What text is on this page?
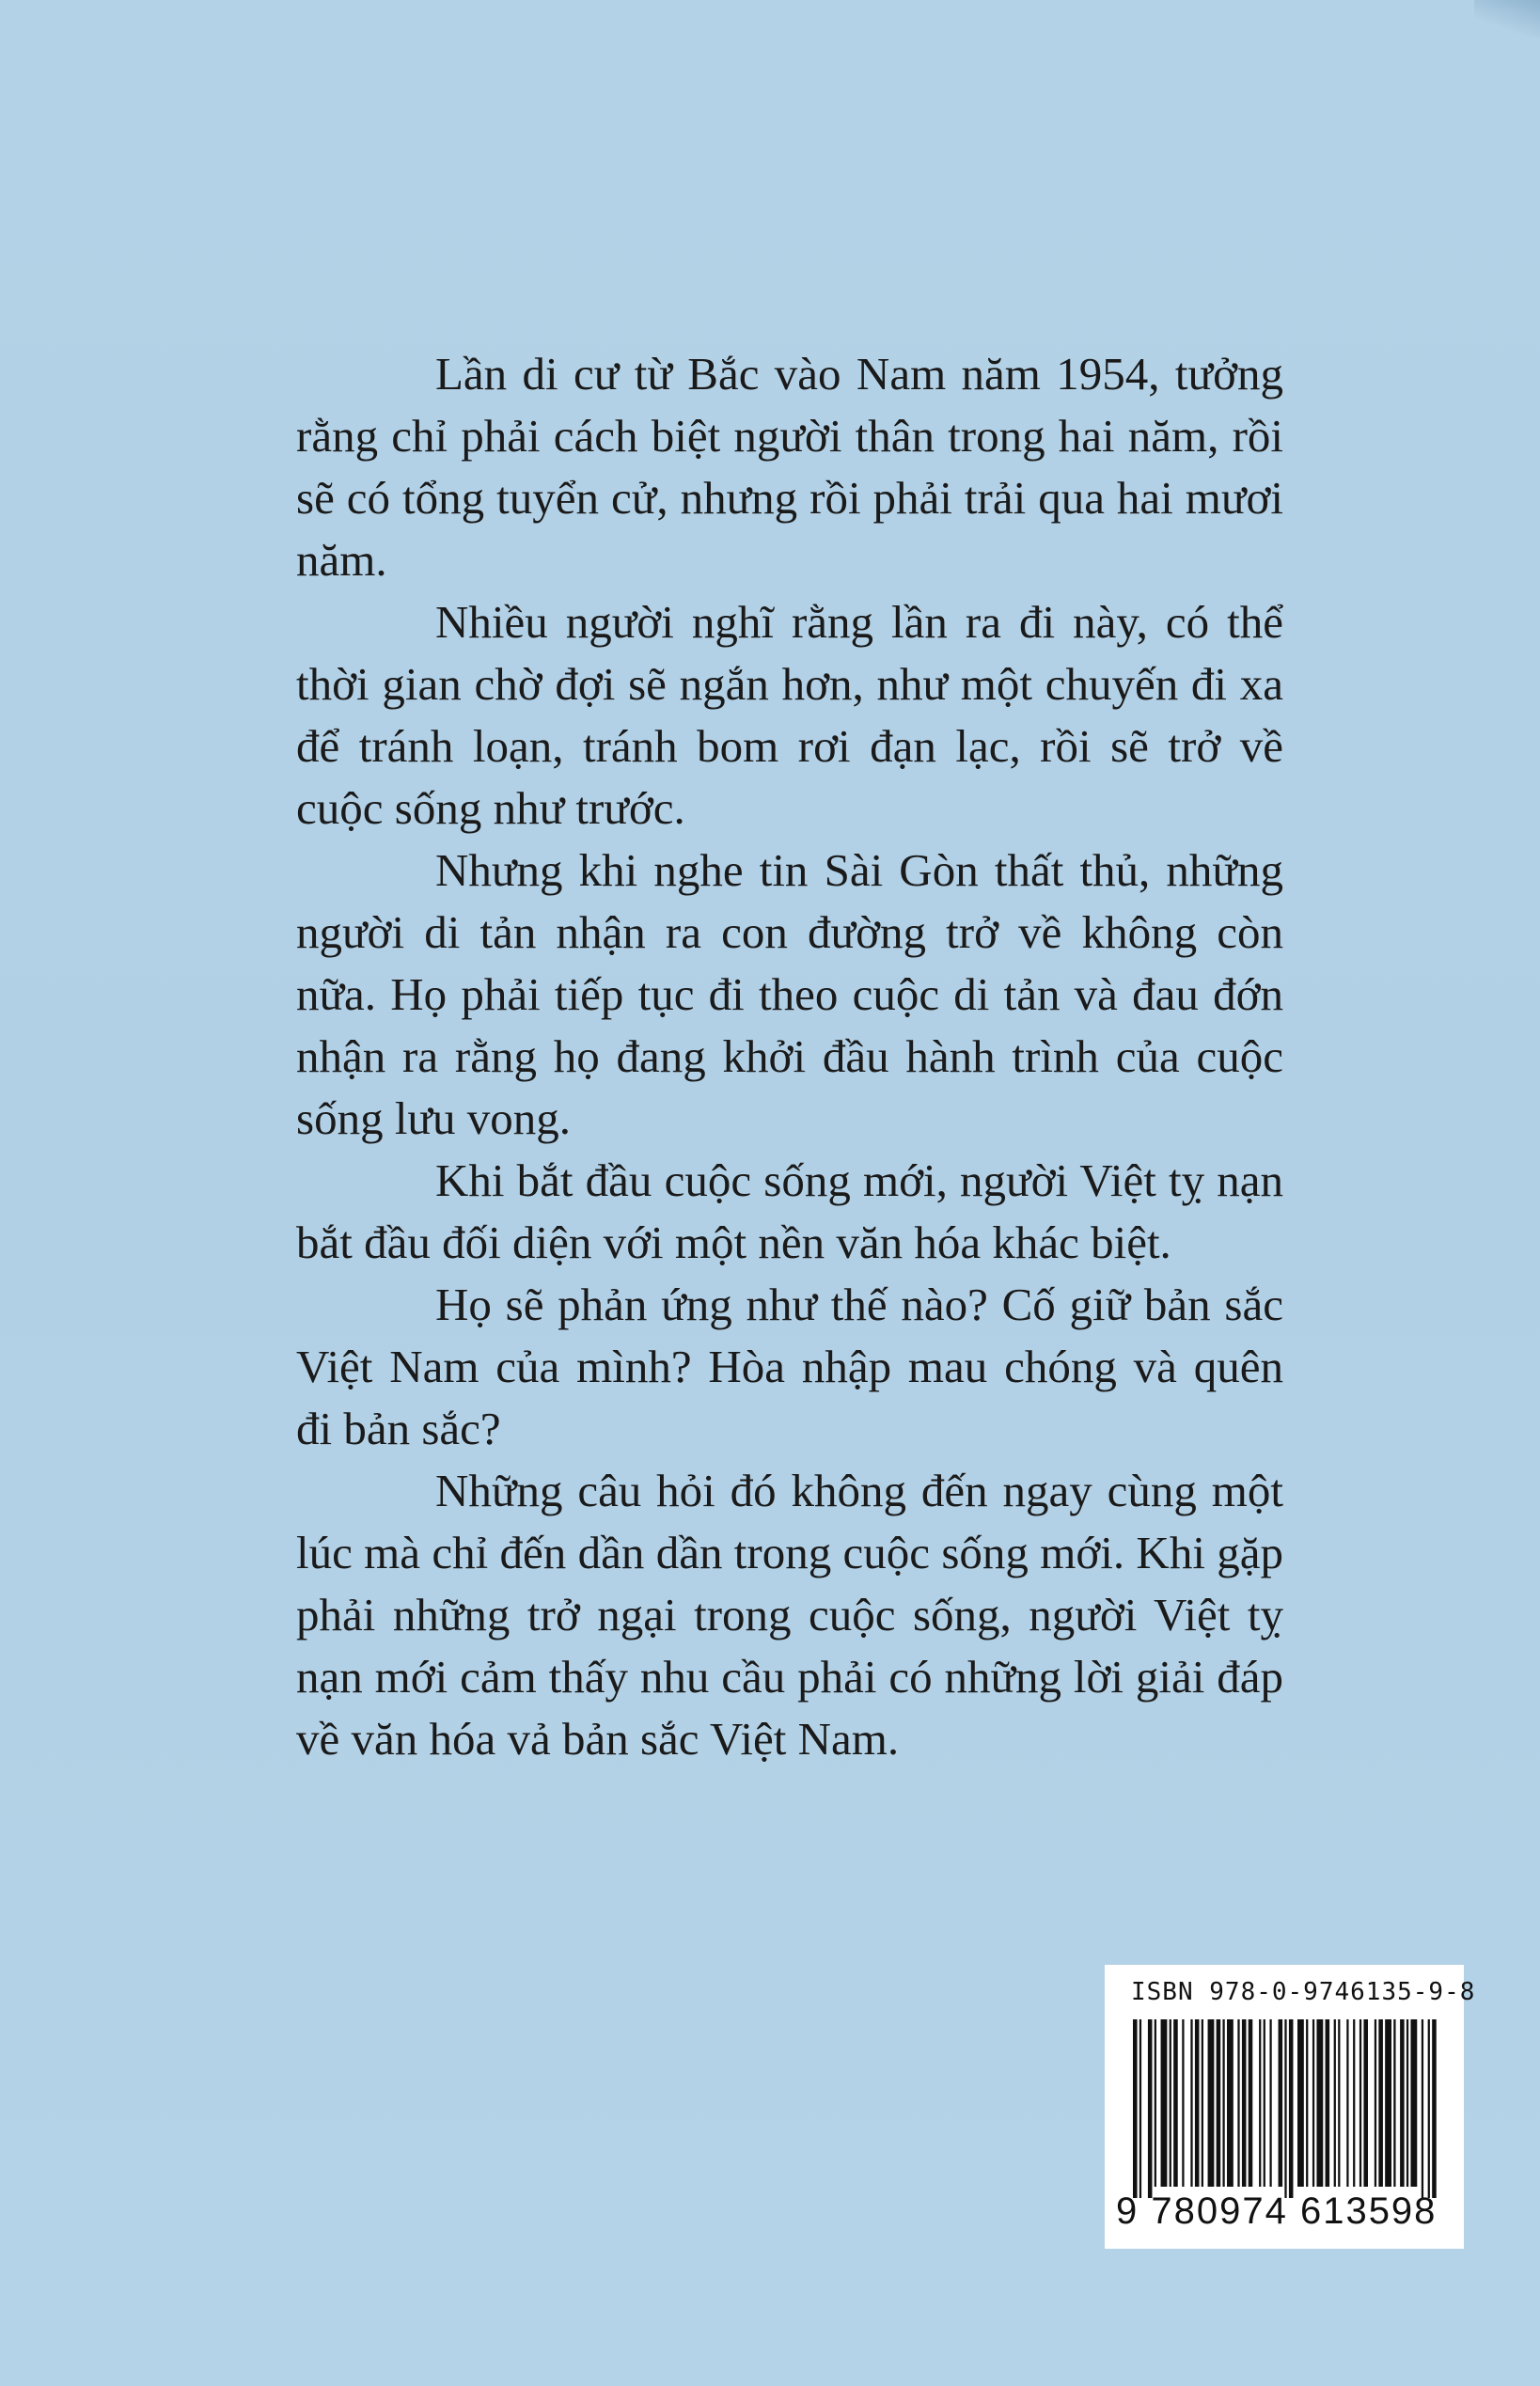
Lần di cư từ Bắc vào Nam năm 1954, tưởng rằng chỉ phải cách biệt người thân trong hai năm, rồi sẽ có tổng tuyển cử, nhưng rồi phải trải qua hai mươi năm.

Nhiều người nghĩ rằng lần ra đi này, có thể thời gian chờ đợi sẽ ngắn hơn, như một chuyến đi xa để tránh loạn, tránh bom rơi đạn lạc, rồi sẽ trở về cuộc sống như trước.

Nhưng khi nghe tin Sài Gòn thất thủ, những người di tản nhận ra con đường trở về không còn nữa. Họ phải tiếp tục đi theo cuộc di tản và đau đớn nhận ra rằng họ đang khởi đầu hành trình của cuộc sống lưu vong.

Khi bắt đầu cuộc sống mới, người Việt tỵ nạn bắt đầu đối diện với một nền văn hóa khác biệt.

Họ sẽ phản ứng như thế nào? Cố giữ bản sắc Việt Nam của mình? Hòa nhập mau chóng và quên đi bản sắc?

Những câu hỏi đó không đến ngay cùng một lúc mà chỉ đến dần dần trong cuộc sống mới. Khi gặp phải những trở ngại trong cuộc sống, người Việt tỵ nạn mới cảm thấy nhu cầu phải có những lời giải đáp về văn hóa vả bản sắc Việt Nam.

ISBN 978-0-9746135-9-8
9 780974 613598
